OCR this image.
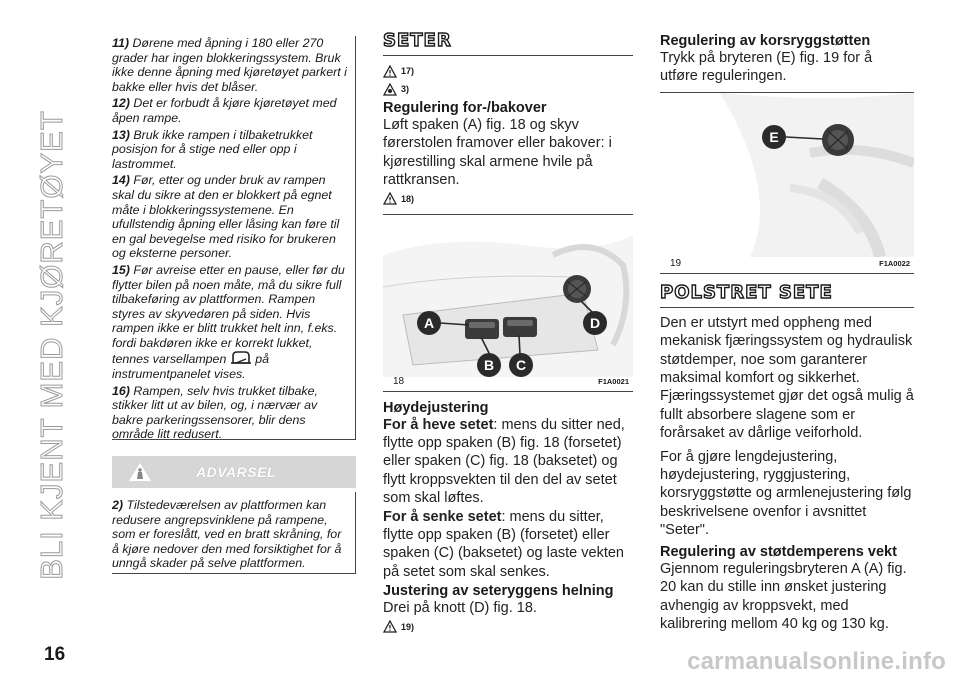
BLI KJENT MED KJØRETØYET

11) Dørene med åpning i 180 eller 270 grader har ingen blokkeringssystem. Bruk ikke denne åpning med kjøretøyet parkert i bakke eller hvis det blåser.

12) Det er forbudt å kjøre kjøretøyet med åpen rampe.

13) Bruk ikke rampen i tilbaketrukket posisjon for å stige ned eller opp i lastrommet.

14) Før, etter og under bruk av rampen skal du sikre at den er blokkert på egnet måte i blokkeringssystemene. En ufullstendig åpning eller låsing kan føre til en gal bevegelse med risiko for brukeren og eksterne personer.

15) Før avreise etter en pause, eller før du flytter bilen på noen måte, må du sikre full tilbakeføring av plattformen. Rampen styres av skyvedøren på siden. Hvis rampen ikke er blitt trukket helt inn, f.eks. fordi bakdøren ikke er korrekt lukket, tennes varsellampen på instrumentpanelet vises.

16) Rampen, selv hvis trukket tilbake, stikker litt ut av bilen, og, i nærvær av bakre parkeringssensorer, blir dens område litt redusert.

ADVARSEL

2) Tilstedeværelsen av plattformen kan redusere angrepsvinklene på rampene, som er foreslått, ved en bratt skråning, for å kjøre nedover den med forsiktighet for å unngå skader på selve plattformen.

SETER
17)
3)
Regulering for-/bakover

Løft spaken (A) fig. 18 og skyv førerstolen framover eller bakover: i kjørestilling skal armene hvile på rattkransen.

18)
A
B C
D
18	F1A0021
Høydejustering

For å heve setet: mens du sitter ned, flytte opp spaken (B) fig. 18 (forsetet) eller spaken (C) fig. 18 (baksetet) og flytt kroppsvekten til den del av setet som skal løftes.

For å senke setet: mens du sitter, flytte opp spaken (B) (forsetet) eller spaken (C) (baksetet) og laste vekten på setet som skal senkes.

Justering av seteryggens helning

Drei på knott (D) fig. 18.

19)
Regulering av korsryggstøtten

Trykk på bryteren (E) fig. 19 for å utføre reguleringen.

E
19	F1A0022
POLSTRET SETE

Den er utstyrt med oppheng med mekanisk fjæringssystem og hydraulisk støtdemper, noe som garanterer maksimal komfort og sikkerhet. Fjæringssystemet gjør det også mulig å fullt absorbere slagene som er forårsaket av dårlige veiforhold.

For å gjøre lengdejustering, høydejustering, ryggjustering, korsryggstøtte og armlenejustering følg beskrivelsene ovenfor i avsnittet "Seter".

Regulering av støtdemperens vekt

Gjennom reguleringsbryteren A (A) fig. 20 kan du stille inn ønsket justering avhengig av kroppsvekt, med kalibrering mellom 40 kg og 130 kg.

16	carmanualsonline.info
